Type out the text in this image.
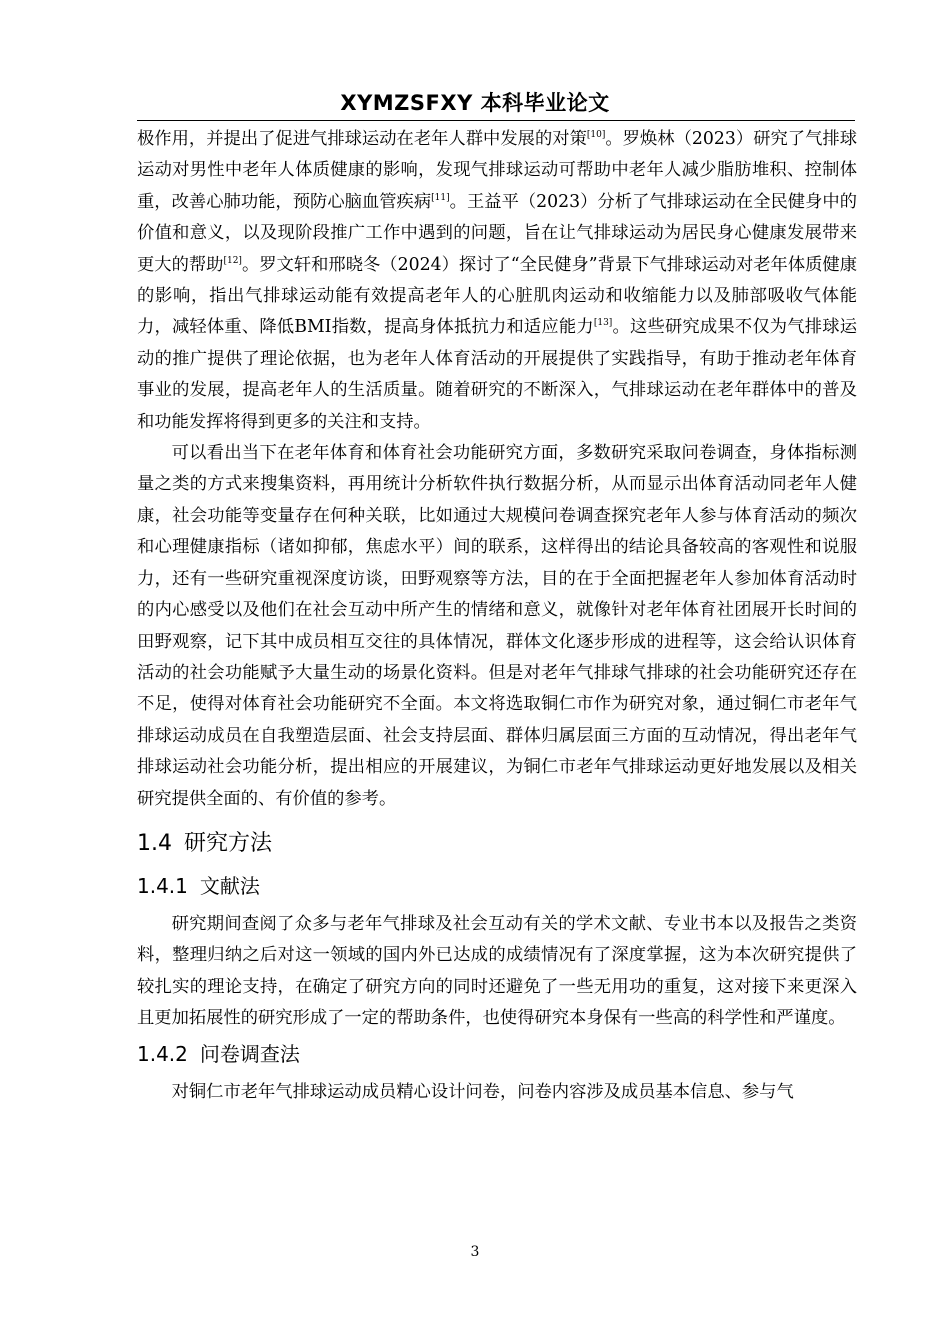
XYMZSFXY 本科毕业论文

极作用，并提出了促进气排球运动在老年人群中发展的对策[10]。罗焕林（2023）研究了气排球运动对男性中老年人体质健康的影响，发现气排球运动可帮助中老年人减少脂肪堆积、控制体重，改善心肺功能，预防心脑血管疾病[11]。王益平（2023）分析了气排球运动在全民健身中的价值和意义，以及现阶段推广工作中遇到的问题，旨在让气排球运动为居民身心健康发展带来更大的帮助[12]。罗文轩和邢晓冬（2024）探讨了“全民健身”背景下气排球运动对老年体质健康的影响，指出气排球运动能有效提高老年人的心脏肌肉运动和收缩能力以及肺部吸收气体能力，减轻体重、降低BMI指数，提高身体抵抗力和适应能力[13]。这些研究成果不仅为气排球运动的推广提供了理论依据，也为老年人体育活动的开展提供了实践指导，有助于推动老年体育事业的发展，提高老年人的生活质量。随着研究的不断深入，气排球运动在老年群体中的普及和功能发挥将得到更多的关注和支持。

可以看出当下在老年体育和体育社会功能研究方面，多数研究采取问卷调查，身体指标测量之类的方式来搜集资料，再用统计分析软件执行数据分析，从而显示出体育活动同老年人健康，社会功能等变量存在何种关联，比如通过大规模问卷调查探究老年人参与体育活动的频次和心理健康指标（诸如抑郁，焦虑水平）间的联系，这样得出的结论具备较高的客观性和说服力，还有一些研究重视深度访谈，田野观察等方法，目的在于全面把握老年人参加体育活动时的内心感受以及他们在社会互动中所产生的情绪和意义，就像针对老年体育社团展开长时间的田野观察，记下其中成员相互交往的具体情况，群体文化逐步形成的进程等，这会给认识体育活动的社会功能赋予大量生动的场景化资料。但是对老年气排球气排球的社会功能研究还存在不足，使得对体育社会功能研究不全面。本文将选取铜仁市作为研究对象，通过铜仁市老年气排球运动成员在自我塑造层面、社会支持层面、群体归属层面三方面的互动情况，得出老年气排球运动社会功能分析，提出相应的开展建议，为铜仁市老年气排球运动更好地发展以及相关研究提供全面的、有价值的参考。

1.4 研究方法
1.4.1 文献法

研究期间查阅了众多与老年气排球及社会互动有关的学术文献、专业书本以及报告之类资料，整理归纳之后对这一领域的国内外已达成的成绩情况有了深度掌握，这为本次研究提供了较扎实的理论支持，在确定了研究方向的同时还避免了一些无用功的重复，这对接下来更深入且更加拓展性的研究形成了一定的帮助条件，也使得研究本身保有一些高的科学性和严谨度。

1.4.2 问卷调查法

对铜仁市老年气排球运动成员精心设计问卷，问卷内容涉及成员基本信息、参与气

3
